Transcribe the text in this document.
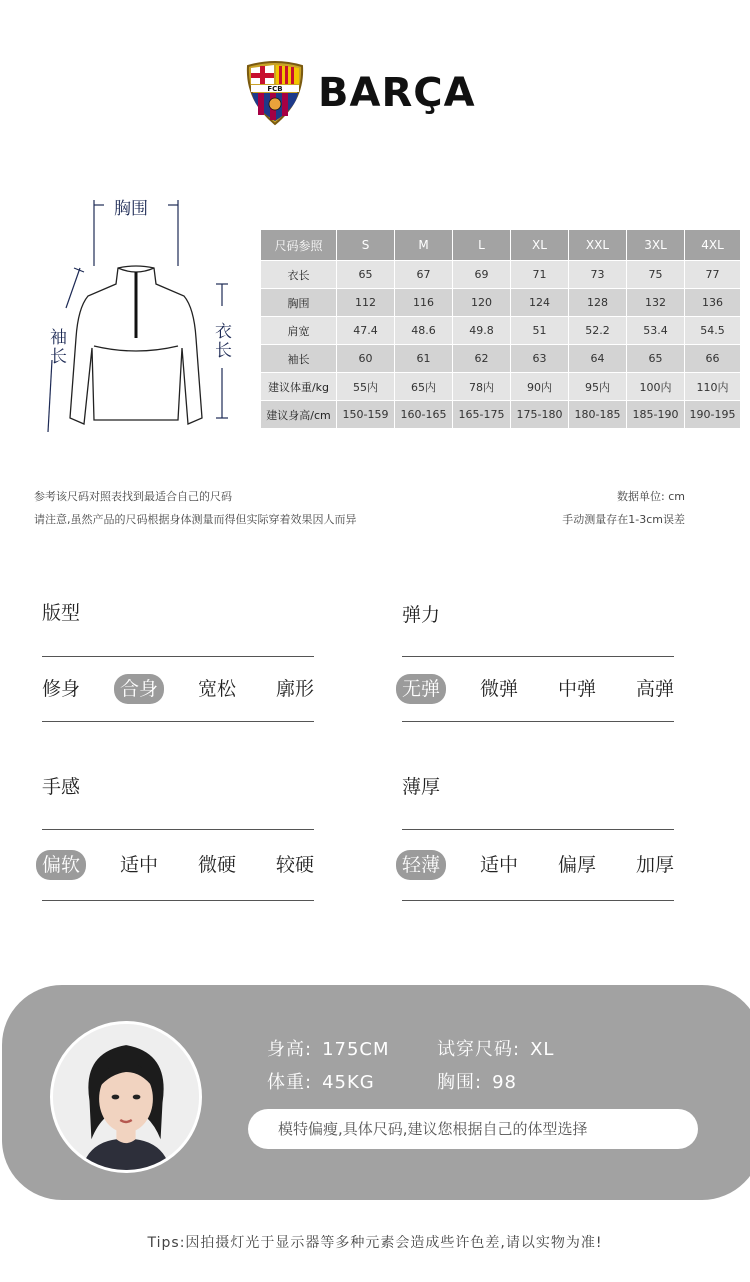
FCB BARÇA
胸围
袖长	衣长
尺码参照	S	M	L	XL	XXL	3XL	4XL
衣长	65	67	69	71	73	75	77
胸围	112	116	120	124	128	132	136
肩宽	47.4	48.6	49.8	51	52.2	53.4	54.5
袖长	60	61	62	63	64	65	66
建议体重/kg	55内	65内	78内	90内	95内	100内	110内
建议身高/cm	150-159	160-165	165-175	175-180	180-185	185-190	190-195
参考该尺码对照表找到最适合自己的尺码
请注意,虽然产品的尺码根据身体测量而得但实际穿着效果因人而异
数据单位: cm
手动测量存在1-3cm误差
版型
修身	合身	宽松	廓形
弹力
无弹	微弹	中弹	高弹
手感
偏软	适中	微硬	较硬
薄厚
轻薄	适中	偏厚	加厚
身高: 175CM	试穿尺码: XL
体重: 45KG	胸围: 98
模特偏瘦,具体尺码,建议您根据自己的体型选择
Tips:因拍摄灯光于显示器等多种元素会造成些许色差,请以实物为准!
